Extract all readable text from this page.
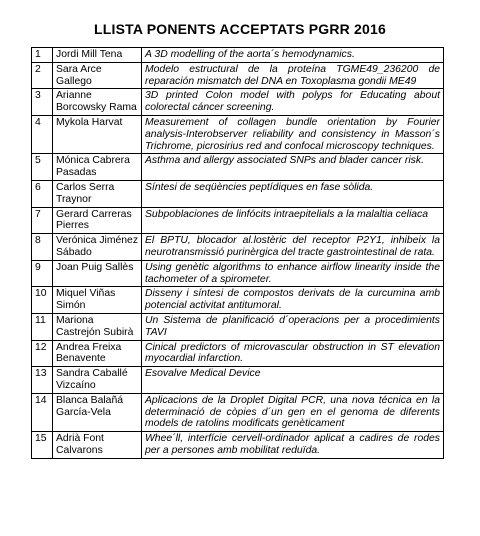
LLISTA PONENTS ACCEPTATS PGRR 2016
1	Jordi Mill Tena	A 3D modelling of the aorta´s hemodynamics.
2	Sara Arce Gallego	Modelo estructural de la proteína TGME49_236200 de reparación mismatch del DNA en Toxoplasma gondii ME49
3	Arianne Borcowsky Rama	3D printed Colon model with polyps for Educating about colorectal cáncer screening.
4	Mykola Harvat	Measurement of collagen bundle orientation by Fourier analysis-Interobserver reliability and consistency in Masson´s Trichrome, picrosirius red and confocal microscopy techniques.
5	Mónica Cabrera Pasadas	Asthma and allergy associated SNPs and blader cancer risk.
6	Carlos Serra Traynor	Síntesi de seqüències peptídiques en fase sòlida.
7	Gerard Carreras Pierres	Subpoblaciones de linfócits intraepitelials a la malaltia celiaca
8	Verónica Jiménez Sábado	El BPTU, blocador al.lostèric del receptor P2Y1, inhibeix la neurotransmissió purinèrgica del tracte gastrointestinal de rata.
9	Joan Puig Sallès	Using genètic algorithms to enhance airflow linearity inside the tachometer of a spirometer.
10	Miquel Viñas Simón	Disseny i síntesi de compostos derivats de la curcumina amb potencial activitat antitumoral.
11	Mariona Castrejón Subirà	Un Sistema de planificació d´operacions per a procedimients TAVI
12	Andrea Freixa Benavente	Cinical predictors of microvascular obstruction in ST elevation myocardial infarction.
13	Sandra Caballé Vizcaíno	Esovalve Medical Device
14	Blanca Balañá García-Vela	Aplicacions de la Droplet Digital PCR, una nova técnica en la determinació de còpies d´un gen en el genoma de diferents models de ratolins modificats genèticament
15	Adrià Font Calvarons	Whee´ll, interfície cervell-ordinador aplicat a cadires de rodes per a persones amb mobilitat reduïda.
